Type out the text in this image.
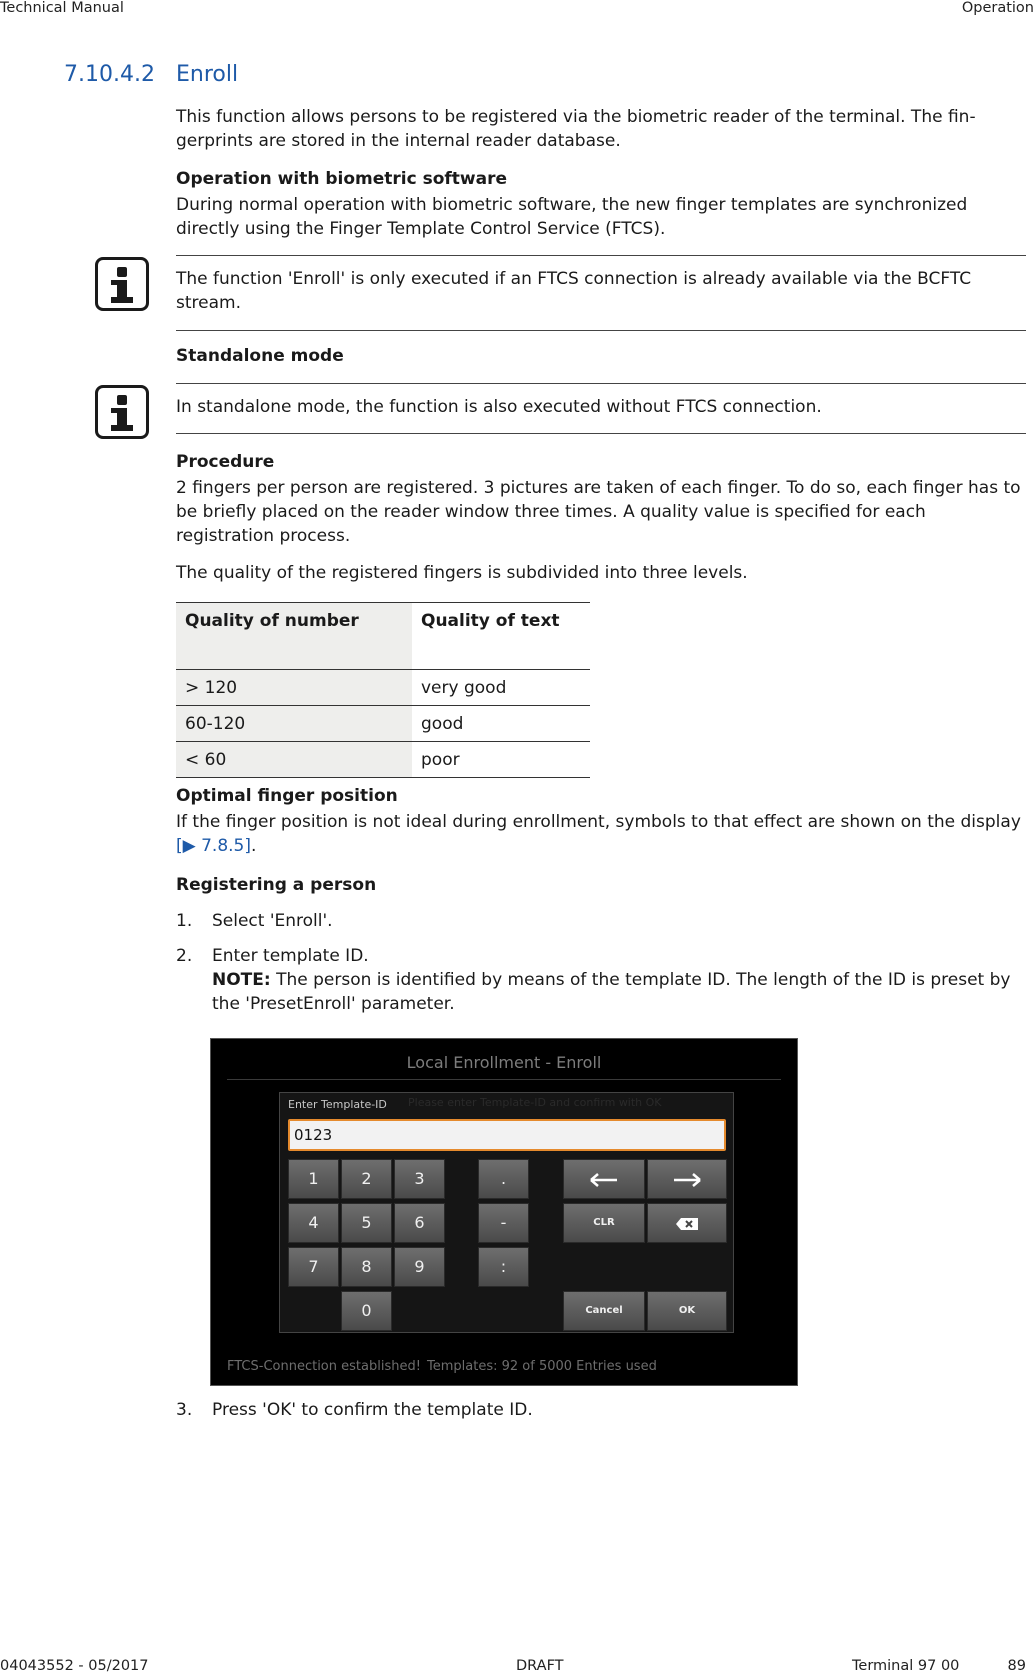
Technical Manual	Operation
7.10.4.2 Enroll
This function allows persons to be registered via the biometric reader of the terminal. The fin-gerprints are stored in the internal reader database.
Operation with biometric software
During normal operation with biometric software, the new finger templates are synchronized directly using the Finger Template Control Service (FTCS).
The function 'Enroll' is only executed if an FTCS connection is already available via the BCFTC stream.
Standalone mode
In standalone mode, the function is also executed without FTCS connection.
Procedure
2 fingers per person are registered. 3 pictures are taken of each finger. To do so, each finger has to be briefly placed on the reader window three times. A quality value is specified for each registration process.
The quality of the registered fingers is subdivided into three levels.
Quality of number	Quality of text
> 120	very good
60-120	good
< 60	poor
Optimal finger position
If the finger position is not ideal during enrollment, symbols to that effect are shown on the display [▶ 7.8.5].
Registering a person
1. Select 'Enroll'.
2. Enter template ID.
NOTE: The person is identified by means of the template ID. The length of the ID is preset by the 'PresetEnroll' parameter.
Local Enrollment - Enroll
Please enter Template-ID and confirm with OK
Enter Template-ID
0123
1	2	3
4	5	6
7	8	9
0
.
-
:
CLR
Cancel	OK
FTCS-Connection established! Templates: 92 of 5000 Entries used
3. Press 'OK' to confirm the template ID.
04043552 - 05/2017	DRAFT	Terminal 97 00	89
